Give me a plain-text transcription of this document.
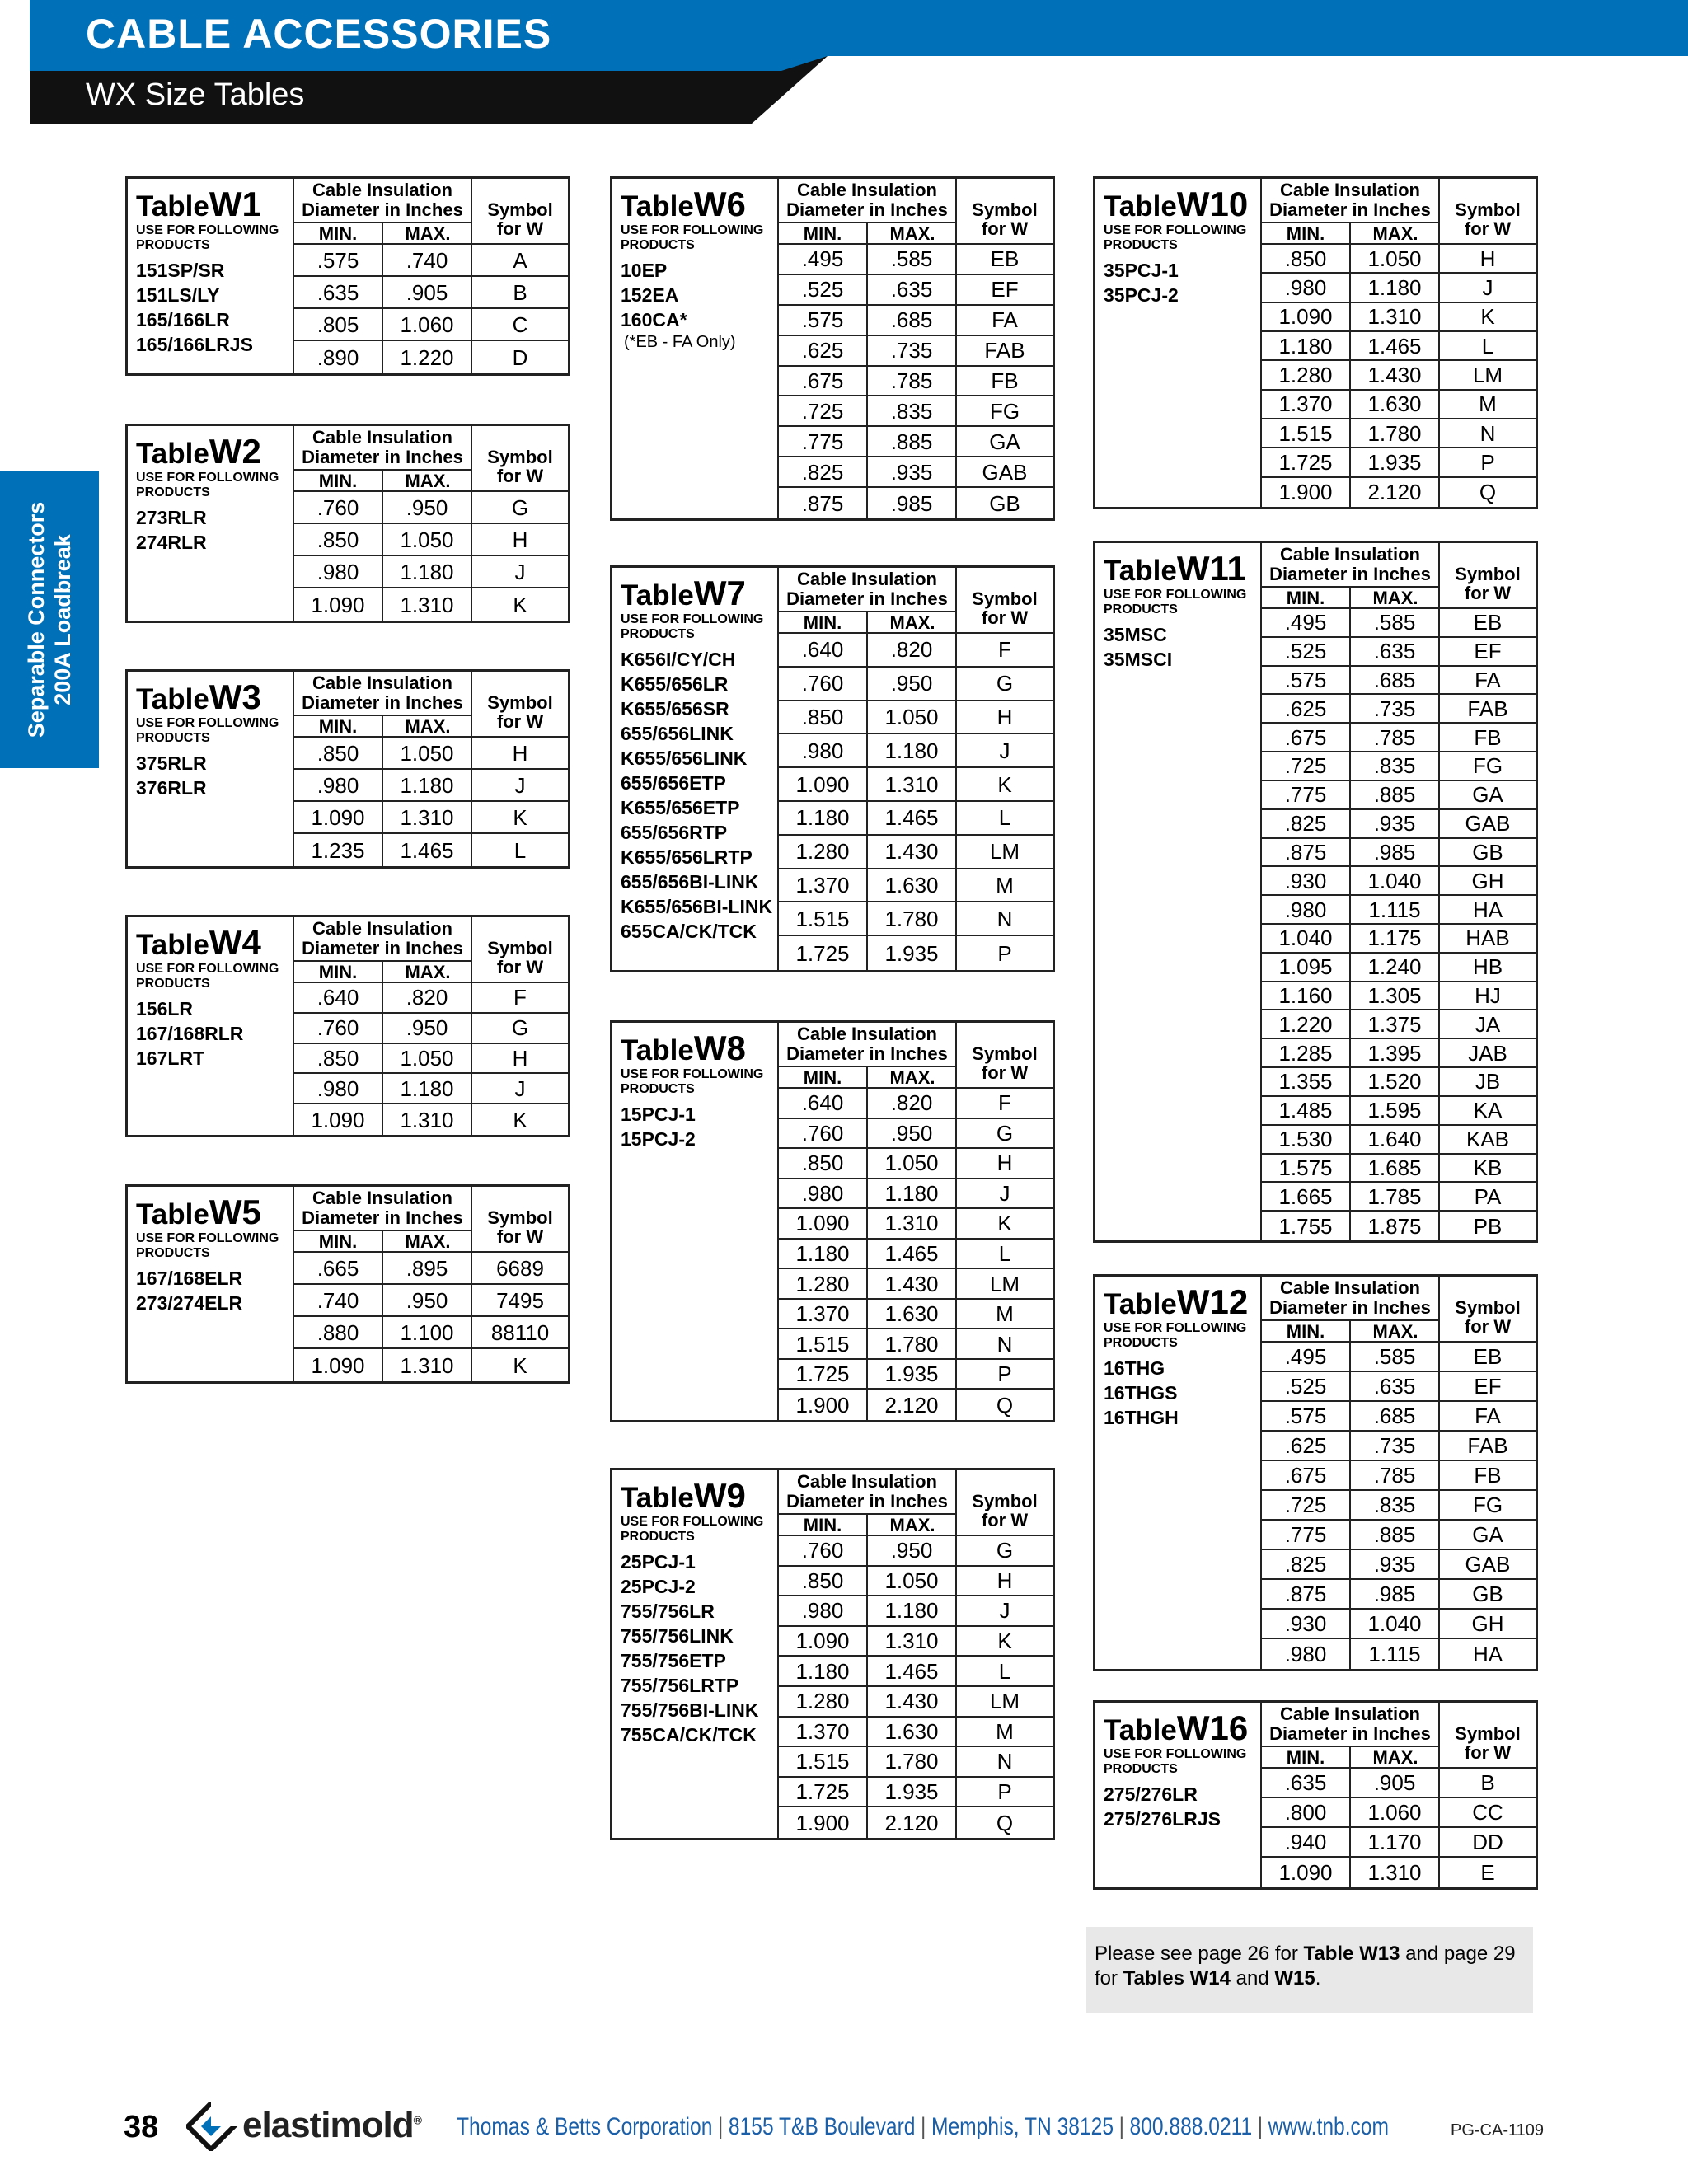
CABLE ACCESSORIES
WX Size Tables
Separable Connectors 200A Loadbreak
TableW1
USE FOR FOLLOWING PRODUCTS
151SP/SR
151LS/LY
165/166LR
165/166LRJS
Cable Insulation
Diameter in Inches
MIN.	MAX.
Symbol
for W
.575	.740	A
.635	.905	B
.805	1.060	C
.890	1.220	D
TableW2
USE FOR FOLLOWING PRODUCTS
273RLR
274RLR
Cable Insulation
Diameter in Inches
MIN.	MAX.
Symbol
for W
.760	.950	G
.850	1.050	H
.980	1.180	J
1.090	1.310	K
TableW3
USE FOR FOLLOWING PRODUCTS
375RLR
376RLR
Cable Insulation
Diameter in Inches
MIN.	MAX.
Symbol
for W
.850	1.050	H
.980	1.180	J
1.090	1.310	K
1.235	1.465	L
TableW4
USE FOR FOLLOWING PRODUCTS
156LR
167/168RLR
167LRT
Cable Insulation
Diameter in Inches
MIN.	MAX.
Symbol
for W
.640	.820	F
.760	.950	G
.850	1.050	H
.980	1.180	J
1.090	1.310	K
TableW5
USE FOR FOLLOWING PRODUCTS
167/168ELR
273/274ELR
Cable Insulation
Diameter in Inches
MIN.	MAX.
Symbol
for W
.665	.895	6689
.740	.950	7495
.880	1.100	88110
1.090	1.310	K
TableW6
USE FOR FOLLOWING PRODUCTS
10EP
152EA
160CA*
(*EB - FA Only)
Cable Insulation
Diameter in Inches
MIN.	MAX.
Symbol
for W
.495	.585	EB
.525	.635	EF
.575	.685	FA
.625	.735	FAB
.675	.785	FB
.725	.835	FG
.775	.885	GA
.825	.935	GAB
.875	.985	GB
TableW7
USE FOR FOLLOWING PRODUCTS
K656I/CY/CH
K655/656LR
K655/656SR
655/656LINK
K655/656LINK
655/656ETP
K655/656ETP
655/656RTP
K655/656LRTP
655/656BI-LINK
K655/656BI-LINK
655CA/CK/TCK
Cable Insulation
Diameter in Inches
MIN.	MAX.
Symbol
for W
.640	.820	F
.760	.950	G
.850	1.050	H
.980	1.180	J
1.090	1.310	K
1.180	1.465	L
1.280	1.430	LM
1.370	1.630	M
1.515	1.780	N
1.725	1.935	P
TableW8
USE FOR FOLLOWING PRODUCTS
15PCJ-1
15PCJ-2
Cable Insulation
Diameter in Inches
MIN.	MAX.
Symbol
for W
.640	.820	F
.760	.950	G
.850	1.050	H
.980	1.180	J
1.090	1.310	K
1.180	1.465	L
1.280	1.430	LM
1.370	1.630	M
1.515	1.780	N
1.725	1.935	P
1.900	2.120	Q
TableW9
USE FOR FOLLOWING PRODUCTS
25PCJ-1
25PCJ-2
755/756LR
755/756LINK
755/756ETP
755/756LRTP
755/756BI-LINK
755CA/CK/TCK
Cable Insulation
Diameter in Inches
MIN.	MAX.
Symbol
for W
.760	.950	G
.850	1.050	H
.980	1.180	J
1.090	1.310	K
1.180	1.465	L
1.280	1.430	LM
1.370	1.630	M
1.515	1.780	N
1.725	1.935	P
1.900	2.120	Q
TableW10
USE FOR FOLLOWING PRODUCTS
35PCJ-1
35PCJ-2
Cable Insulation
Diameter in Inches
MIN.	MAX.
Symbol
for W
.850	1.050	H
.980	1.180	J
1.090	1.310	K
1.180	1.465	L
1.280	1.430	LM
1.370	1.630	M
1.515	1.780	N
1.725	1.935	P
1.900	2.120	Q
TableW11
USE FOR FOLLOWING PRODUCTS
35MSC
35MSCI
Cable Insulation
Diameter in Inches
MIN.	MAX.
Symbol
for W
.495	.585	EB
.525	.635	EF
.575	.685	FA
.625	.735	FAB
.675	.785	FB
.725	.835	FG
.775	.885	GA
.825	.935	GAB
.875	.985	GB
.930	1.040	GH
.980	1.115	HA
1.040	1.175	HAB
1.095	1.240	HB
1.160	1.305	HJ
1.220	1.375	JA
1.285	1.395	JAB
1.355	1.520	JB
1.485	1.595	KA
1.530	1.640	KAB
1.575	1.685	KB
1.665	1.785	PA
1.755	1.875	PB
TableW12
USE FOR FOLLOWING PRODUCTS
16THG
16THGS
16THGH
Cable Insulation
Diameter in Inches
MIN.	MAX.
Symbol
for W
.495	.585	EB
.525	.635	EF
.575	.685	FA
.625	.735	FAB
.675	.785	FB
.725	.835	FG
.775	.885	GA
.825	.935	GAB
.875	.985	GB
.930	1.040	GH
.980	1.115	HA
TableW16
USE FOR FOLLOWING PRODUCTS
275/276LR
275/276LRJS
Cable Insulation
Diameter in Inches
MIN.	MAX.
Symbol
for W
.635	.905	B
.800	1.060	CC
.940	1.170	DD
1.090	1.310	E
Please see page 26 for Table W13 and page 29 for Tables W14 and W15.
38 elastimold® Thomas & Betts Corporation | 8155 T&B Boulevard | Memphis, TN 38125 | 800.888.0211 | www.tnb.com	PG-CA-1109
